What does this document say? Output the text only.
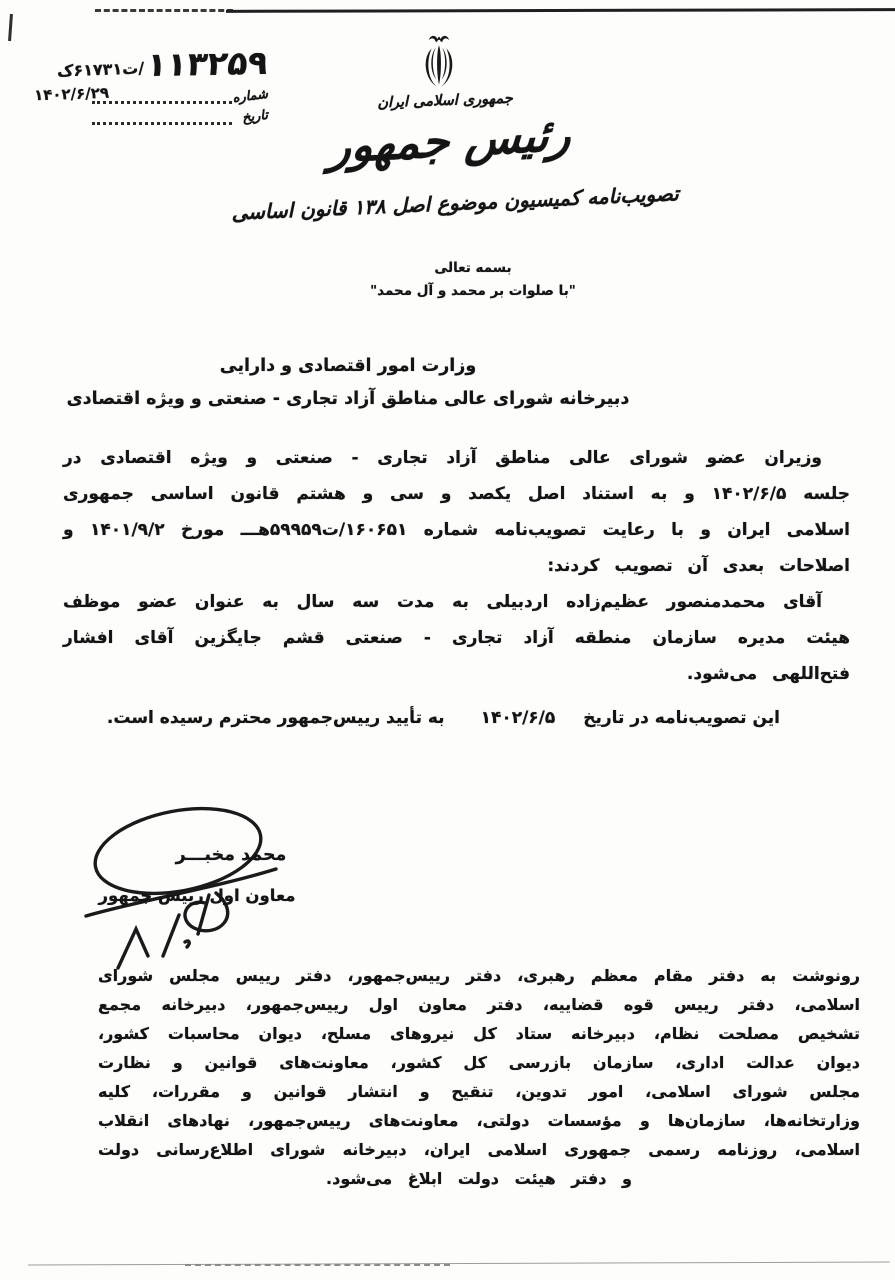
۱۱۳۲۵۹/ت۶۱۷۳۱ک
شماره
۱۴۰۲/۶/۲۹
تاریخ
جمهوری اسلامی ایران
رئیس جمهور
تصویب‌نامه کمیسیون موضوع اصل ۱۳۸ قانون اساسی
بسمه تعالی
"با صلوات بر محمد و آل محمد"
وزارت امور اقتصادی و دارایی
دبیرخانه شورای عالی مناطق آزاد تجاری - صنعتی و ویژه اقتصادی

وزیران عضو شورای عالی مناطق آزاد تجاری - صنعتی و ویژه اقتصادی در جلسه ۱۴۰۲/۶/۵ و به استناد اصل یکصد و سی و هشتم قانون اساسی جمهوری اسلامی ایران و با رعایت تصویب‌نامه شماره ۱۶۰۶۵۱/ت۵۹۹۵۹هـــ مورخ ۱۴۰۱/۹/۲ و اصلاحات بعدی آن تصویب کردند:

آقای محمدمنصور عظیم‌زاده اردبیلی به مدت سه سال به عنوان عضو موظف هیئت مدیره سازمان منطقه آزاد تجاری - صنعتی قشم جایگزین آقای افشار فتح‌اللهی می‌شود.

این تصویب‌نامه در تاریخ۱۴۰۲/۶/۵به تأیید رییس‌جمهور محترم رسیده است.
محمد مخبـــر
معاون اول رییس جمهور

رونوشت به دفتر مقام معظم رهبری، دفتر رییس‌جمهور، دفتر رییس مجلس شورای اسلامی، دفتر رییس قوه قضاییه، دفتر معاون اول رییس‌جمهور، دبیرخانه مجمع تشخیص مصلحت نظام، دبیرخانه ستاد کل نیروهای مسلح، دیوان محاسبات کشور، دیوان عدالت اداری، سازمان بازرسی کل کشور، معاونت‌های قوانین و نظارت مجلس شورای اسلامی، امور تدوین، تنقیح و انتشار قوانین و مقررات، کلیه وزارتخانه‌ها، سازمان‌ها و مؤسسات دولتی، معاونت‌های رییس‌جمهور، نهادهای انقلاب اسلامی، روزنامه رسمی جمهوری اسلامی ایران، دبیرخانه شورای اطلاع‌رسانی دولت و دفتر هیئت دولت ابلاغ می‌شود.
